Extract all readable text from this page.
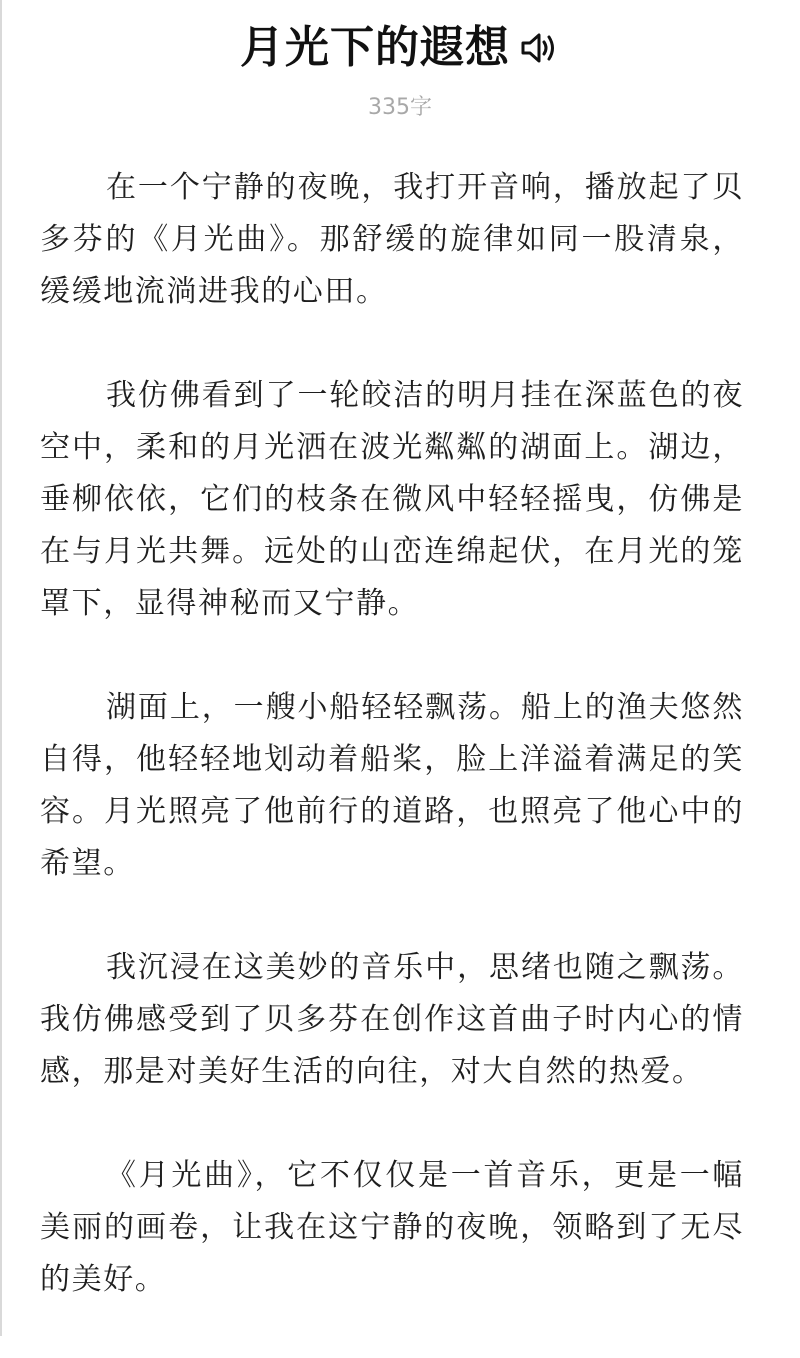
月光下的遐想
335字

在一个宁静的夜晚，我打开音响，播放起了贝多芬的《月光曲》。那舒缓的旋律如同一股清泉，缓缓地流淌进我的心田。

我仿佛看到了一轮皎洁的明月挂在深蓝色的夜空中，柔和的月光洒在波光粼粼的湖面上。湖边，垂柳依依，它们的枝条在微风中轻轻摇曳，仿佛是在与月光共舞。远处的山峦连绵起伏，在月光的笼罩下，显得神秘而又宁静。

湖面上，一艘小船轻轻飘荡。船上的渔夫悠然自得，他轻轻地划动着船桨，脸上洋溢着满足的笑容。月光照亮了他前行的道路，也照亮了他心中的希望。

我沉浸在这美妙的音乐中，思绪也随之飘荡。我仿佛感受到了贝多芬在创作这首曲子时内心的情感，那是对美好生活的向往，对大自然的热爱。

《月光曲》，它不仅仅是一首音乐，更是一幅美丽的画卷，让我在这宁静的夜晚，领略到了无尽的美好。
